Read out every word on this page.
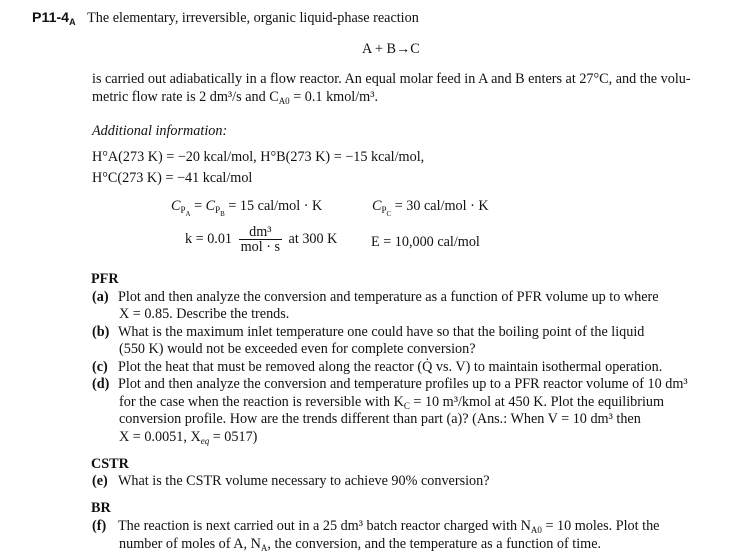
$P11-4_A$ The elementary, irreversible, organic liquid-phase reaction
A + B→C
is carried out adiabatically in a flow reactor. An equal molar feed in A and B enters at 27°C, and the volu-
metric flow rate is 2 dm³/s and $C_{A0} = 0.1$ kmol/m³.
Additional information:
H°A(273 K) = −20 kcal/mol, H°B(273 K) = −15 kcal/mol,
H°C(273 K) = −41 kcal/mol
$C_{P_A} = C_{P_B} = 15$ cal/mol · K	$C_{P_C} = 30$ cal/mol · K
$k = 0.01 \frac{\text{dm³}}{\text{mol · s}}$ at 300 K E = 10,000 cal/mol
PFR
(a) Plot and then analyze the conversion and temperature as a function of PFR volume up to where
X = 0.85. Describe the trends.
(b) What is the maximum inlet temperature one could have so that the boiling point of the liquid
(550 K) would not be exceeded even for complete conversion?
(c) Plot the heat that must be removed along the reactor (Q̇ vs. V) to maintain isothermal operation.
(d) Plot and then analyze the conversion and temperature profiles up to a PFR reactor volume of 10 dm³
for the case when the reaction is reversible with $K_C = 10$ m³/kmol at 450 K. Plot the equilibrium
conversion profile. How are the trends different than part (a)? (Ans.: When V = 10 dm³ then
X = 0.0051, $X_{eq} = 0517$)
CSTR
(e) What is the CSTR volume necessary to achieve 90% conversion?
BR
(f) The reaction is next carried out in a 25 dm³ batch reactor charged with $N_{A0} = 10$ moles. Plot the
number of moles of A, $N_A$, the conversion, and the temperature as a function of time.
